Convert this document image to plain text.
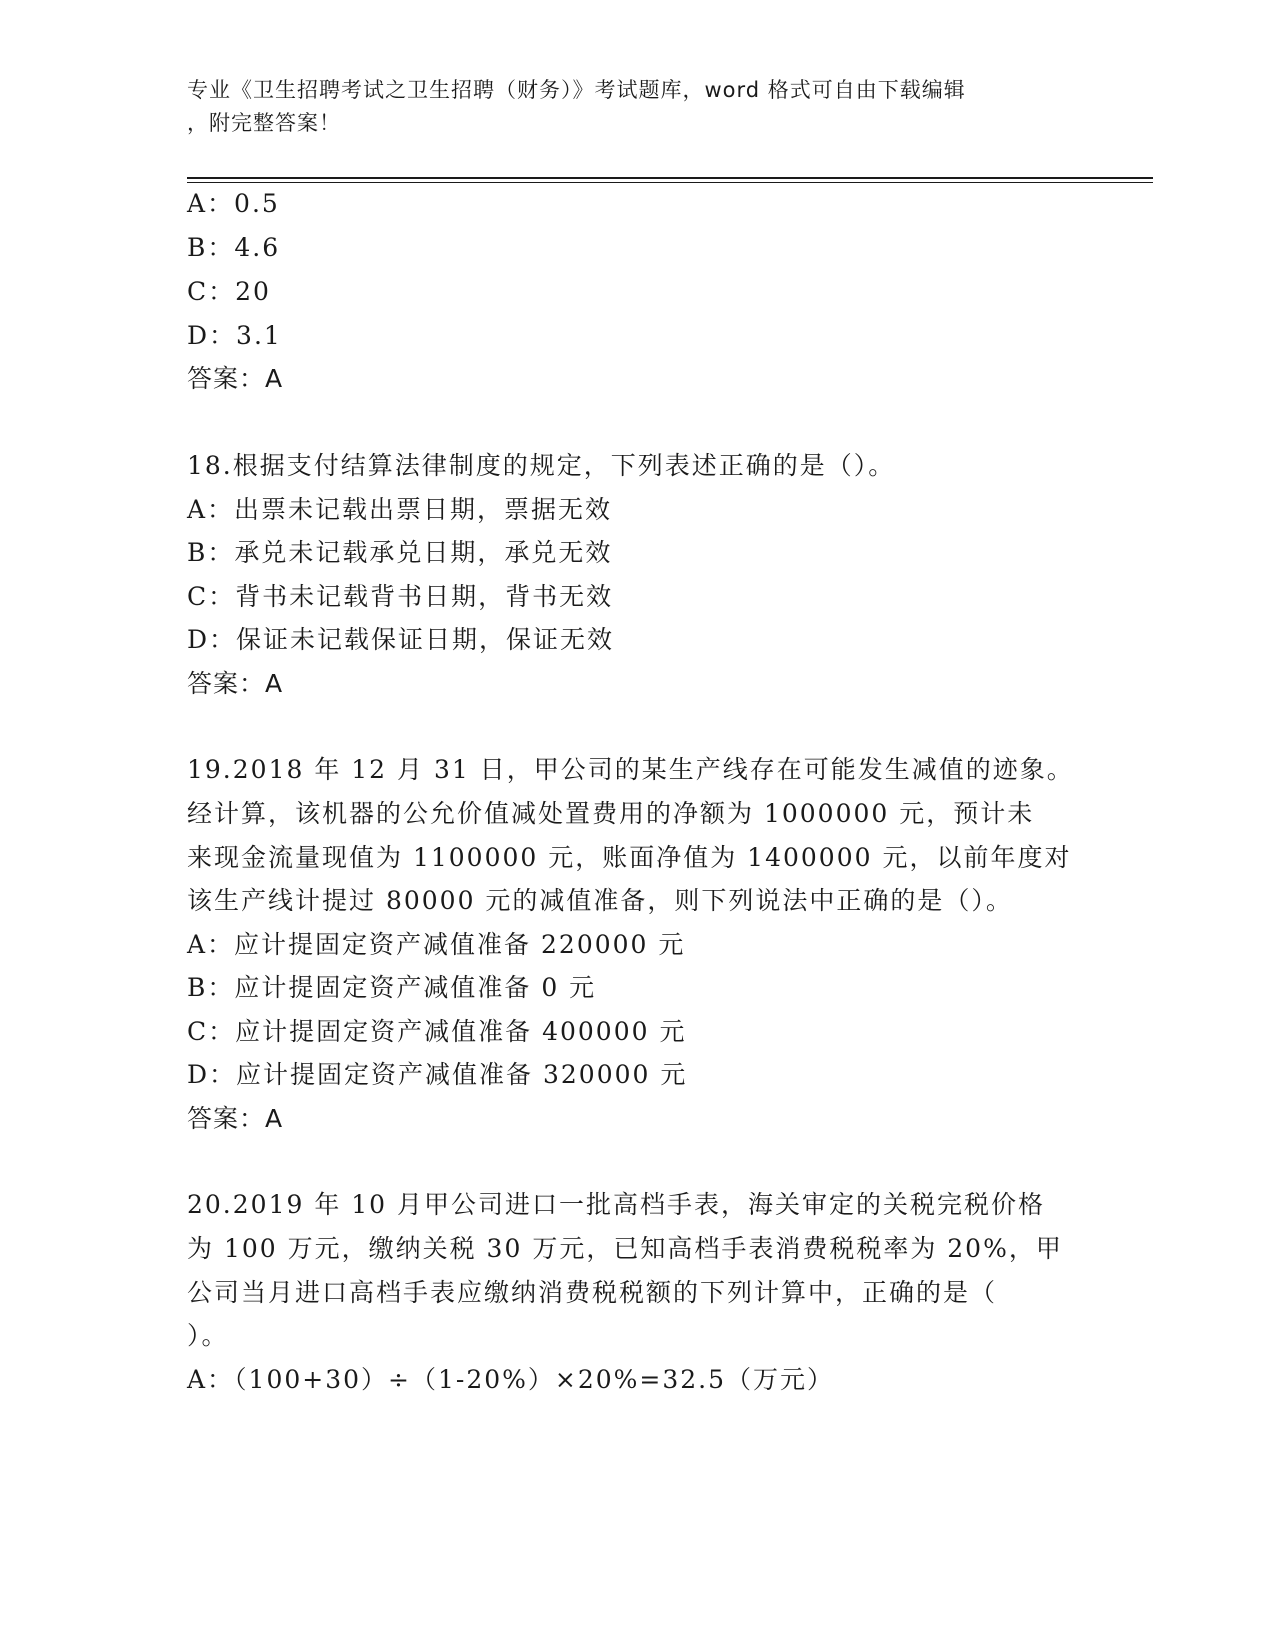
专业《卫生招聘考试之卫生招聘（财务）》考试题库，word 格式可自由下载编辑
，附完整答案！
A：0.5
B：4.6
C：20
D：3.1
答案：A
18.根据支付结算法律制度的规定，下列表述正确的是（）。
A：出票未记载出票日期，票据无效
B：承兑未记载承兑日期，承兑无效
C：背书未记载背书日期，背书无效
D：保证未记载保证日期，保证无效
答案：A
19.2018 年 12 月 31 日，甲公司的某生产线存在可能发生减值的迹象。
经计算，该机器的公允价值减处置费用的净额为 1000000 元，预计未
来现金流量现值为 1100000 元，账面净值为 1400000 元，以前年度对
该生产线计提过 80000 元的减值准备，则下列说法中正确的是（）。
A：应计提固定资产减值准备 220000 元
B：应计提固定资产减值准备 0 元
C：应计提固定资产减值准备 400000 元
D：应计提固定资产减值准备 320000 元
答案：A
20.2019 年 10 月甲公司进口一批高档手表，海关审定的关税完税价格
为 100 万元，缴纳关税 30 万元，已知高档手表消费税税率为 20%，甲
公司当月进口高档手表应缴纳消费税税额的下列计算中，正确的是（
）。
A：（100+30）÷（1-20%）×20%=32.5（万元）
